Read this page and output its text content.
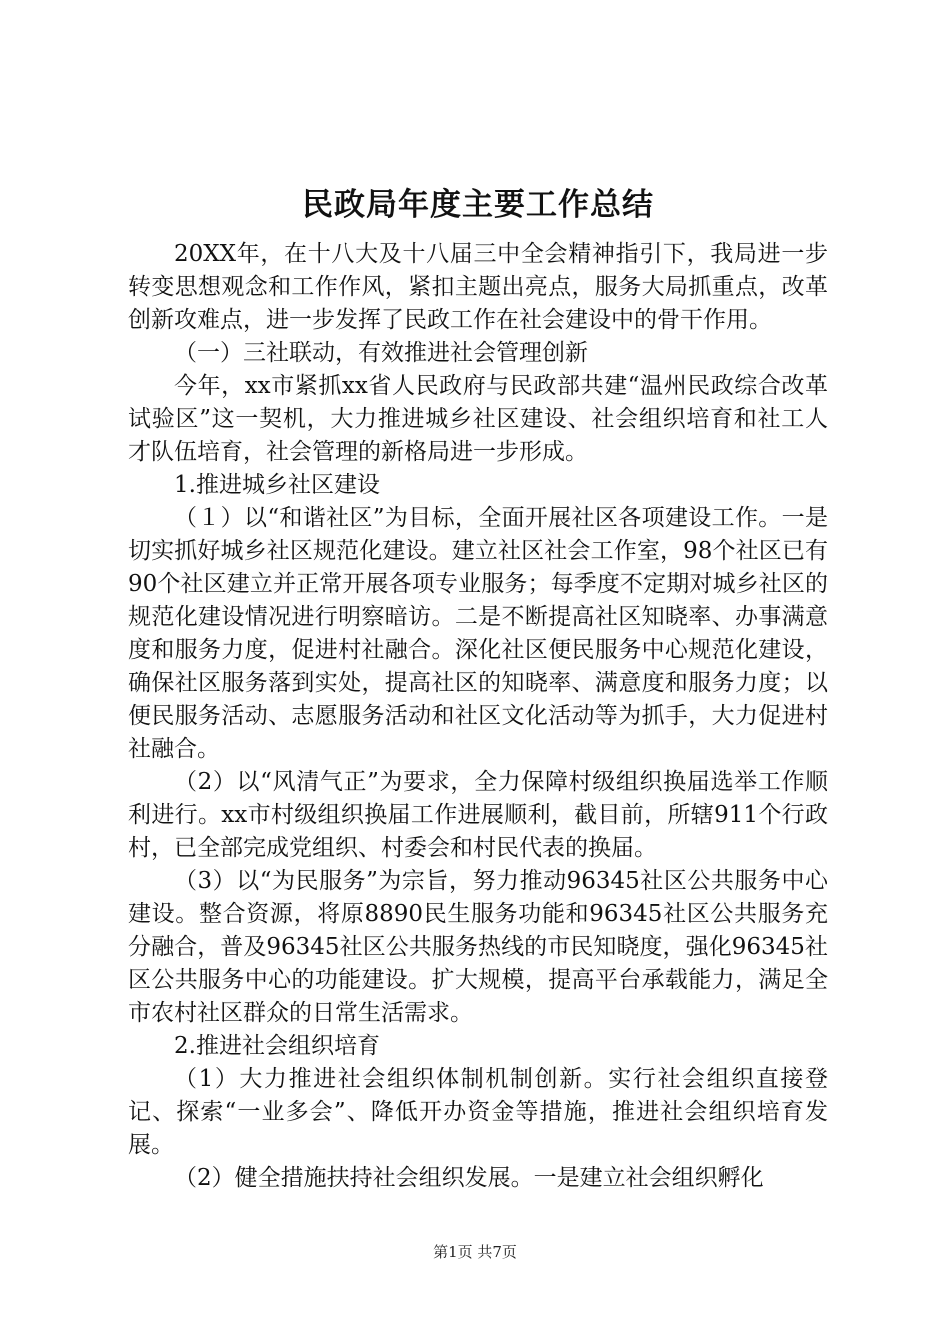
民政局年度主要工作总结

20XX年，在十八大及十八届三中全会精神指引下，我局进一步转变思想观念和工作作风，紧扣主题出亮点，服务大局抓重点，改革创新攻难点，进一步发挥了民政工作在社会建设中的骨干作用。

（一）三社联动，有效推进社会管理创新

今年，xx市紧抓xx省人民政府与民政部共建“温州民政综合改革试验区”这一契机，大力推进城乡社区建设、社会组织培育和社工人才队伍培育，社会管理的新格局进一步形成。

1.推进城乡社区建设

（１）以“和谐社区”为目标，全面开展社区各项建设工作。一是切实抓好城乡社区规范化建设。建立社区社会工作室，98个社区已有90个社区建立并正常开展各项专业服务；每季度不定期对城乡社区的规范化建设情况进行明察暗访。二是不断提高社区知晓率、办事满意度和服务力度，促进村社融合。深化社区便民服务中心规范化建设，确保社区服务落到实处，提高社区的知晓率、满意度和服务力度；以便民服务活动、志愿服务活动和社区文化活动等为抓手，大力促进村社融合。

（2）以“风清气正”为要求，全力保障村级组织换届选举工作顺利进行。xx市村级组织换届工作进展顺利，截目前，所辖911个行政村，已全部完成党组织、村委会和村民代表的换届。

（3）以“为民服务”为宗旨，努力推动96345社区公共服务中心建设。整合资源，将原8890民生服务功能和96345社区公共服务充分融合，普及96345社区公共服务热线的市民知晓度，强化96345社区公共服务中心的功能建设。扩大规模，提高平台承载能力，满足全市农村社区群众的日常生活需求。

2.推进社会组织培育

（1）大力推进社会组织体制机制创新。实行社会组织直接登记、探索“一业多会”、降低开办资金等措施，推进社会组织培育发展。

（2）健全措施扶持社会组织发展。一是建立社会组织孵化

第1页 共7页
